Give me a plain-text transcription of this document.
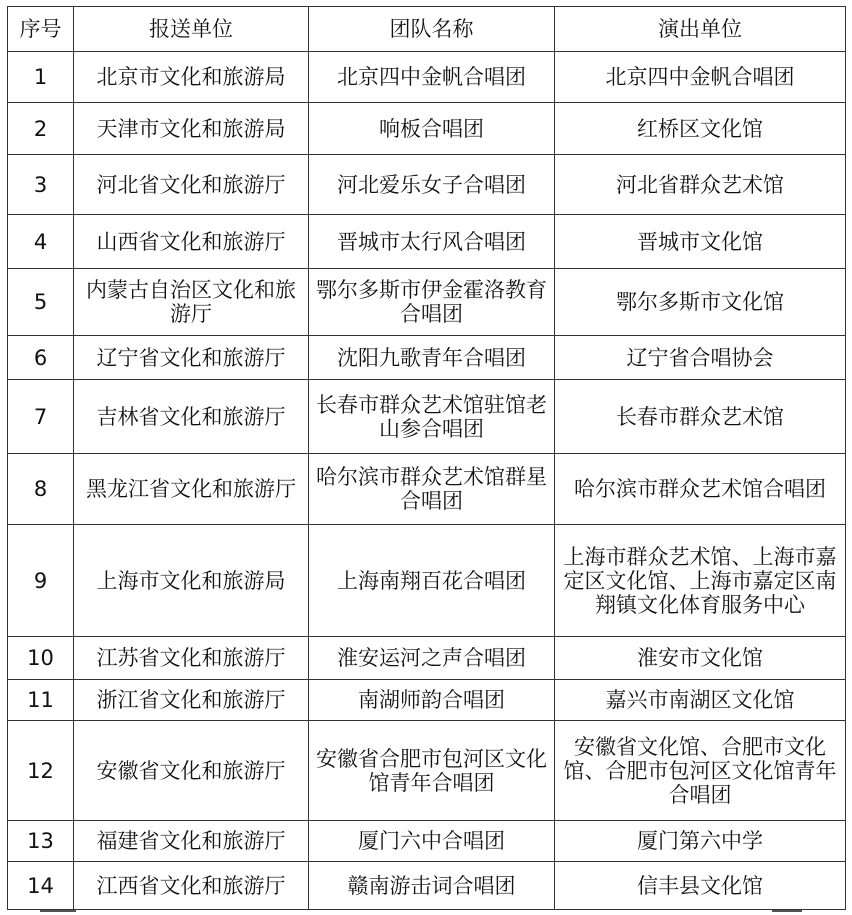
序号	报送单位	团队名称	演出单位
1	北京市文化和旅游局	北京四中金帆合唱团	北京四中金帆合唱团
2	天津市文化和旅游局	响板合唱团	红桥区文化馆
3	河北省文化和旅游厅	河北爱乐女子合唱团	河北省群众艺术馆
4	山西省文化和旅游厅	晋城市太行风合唱团	晋城市文化馆
5	内蒙古自治区文化和旅游厅	鄂尔多斯市伊金霍洛教育合唱团	鄂尔多斯市文化馆
6	辽宁省文化和旅游厅	沈阳九歌青年合唱团	辽宁省合唱协会
7	吉林省文化和旅游厅	长春市群众艺术馆驻馆老山参合唱团	长春市群众艺术馆
8	黑龙江省文化和旅游厅	哈尔滨市群众艺术馆群星合唱团	哈尔滨市群众艺术馆合唱团
9	上海市文化和旅游局	上海南翔百花合唱团	上海市群众艺术馆、上海市嘉定区文化馆、上海市嘉定区南翔镇文化体育服务中心
10	江苏省文化和旅游厅	淮安运河之声合唱团	淮安市文化馆
11	浙江省文化和旅游厅	南湖师韵合唱团	嘉兴市南湖区文化馆
12	安徽省文化和旅游厅	安徽省合肥市包河区文化馆青年合唱团	安徽省文化馆、合肥市文化馆、合肥市包河区文化馆青年合唱团
13	福建省文化和旅游厅	厦门六中合唱团	厦门第六中学
14	江西省文化和旅游厅	赣南游击词合唱团	信丰县文化馆
